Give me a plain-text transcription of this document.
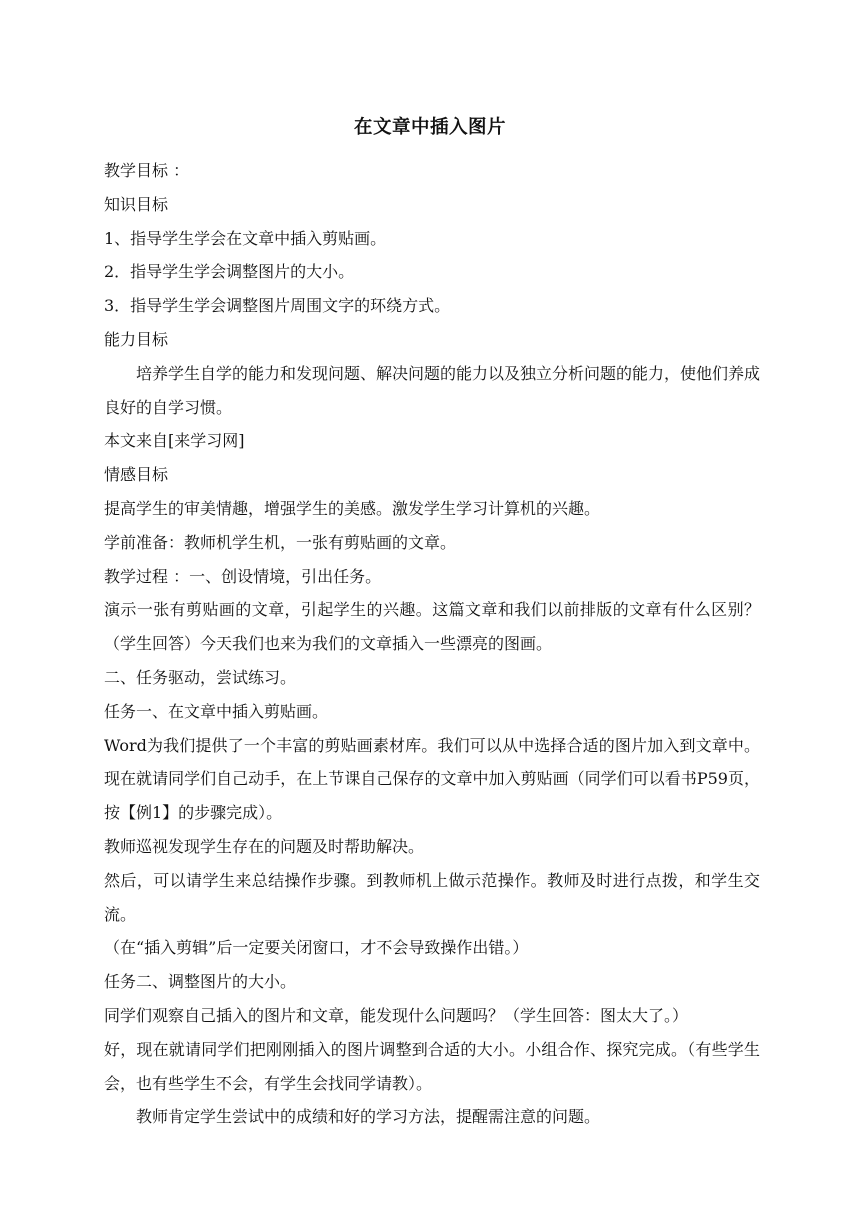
在文章中插入图片

教学目标 ：

知识目标

1、指导学生学会在文章中插入剪贴画。

2．指导学生学会调整图片的大小。

3．指导学生学会调整图片周围文字的环绕方式。

能力目标

培养学生自学的能力和发现问题、解决问题的能力以及独立分析问题的能力，使他们养成良好的自学习惯。

本文来自[来学习网]

情感目标

提高学生的审美情趣，增强学生的美感。激发学生学习计算机的兴趣。

学前准备：教师机学生机，一张有剪贴画的文章。

教学过程 ：一、创设情境，引出任务。

演示一张有剪贴画的文章，引起学生的兴趣。这篇文章和我们以前排版的文章有什么区别？（学生回答）今天我们也来为我们的文章插入一些漂亮的图画。

二、任务驱动，尝试练习。

任务一、在文章中插入剪贴画。

Word为我们提供了一个丰富的剪贴画素材库。我们可以从中选择合适的图片加入到文章中。现在就请同学们自己动手，在上节课自己保存的文章中加入剪贴画（同学们可以看书P59页，按【例1】的步骤完成）。

教师巡视发现学生存在的问题及时帮助解决。

然后，可以请学生来总结操作步骤。到教师机上做示范操作。教师及时进行点拨，和学生交流。

（在“插入剪辑”后一定要关闭窗口，才不会导致操作出错。）

任务二、调整图片的大小。

同学们观察自己插入的图片和文章，能发现什么问题吗？（学生回答：图太大了。）

好，现在就请同学们把刚刚插入的图片调整到合适的大小。小组合作、探究完成。（有些学生会，也有些学生不会，有学生会找同学请教）。

教师肯定学生尝试中的成绩和好的学习方法，提醒需注意的问题。
